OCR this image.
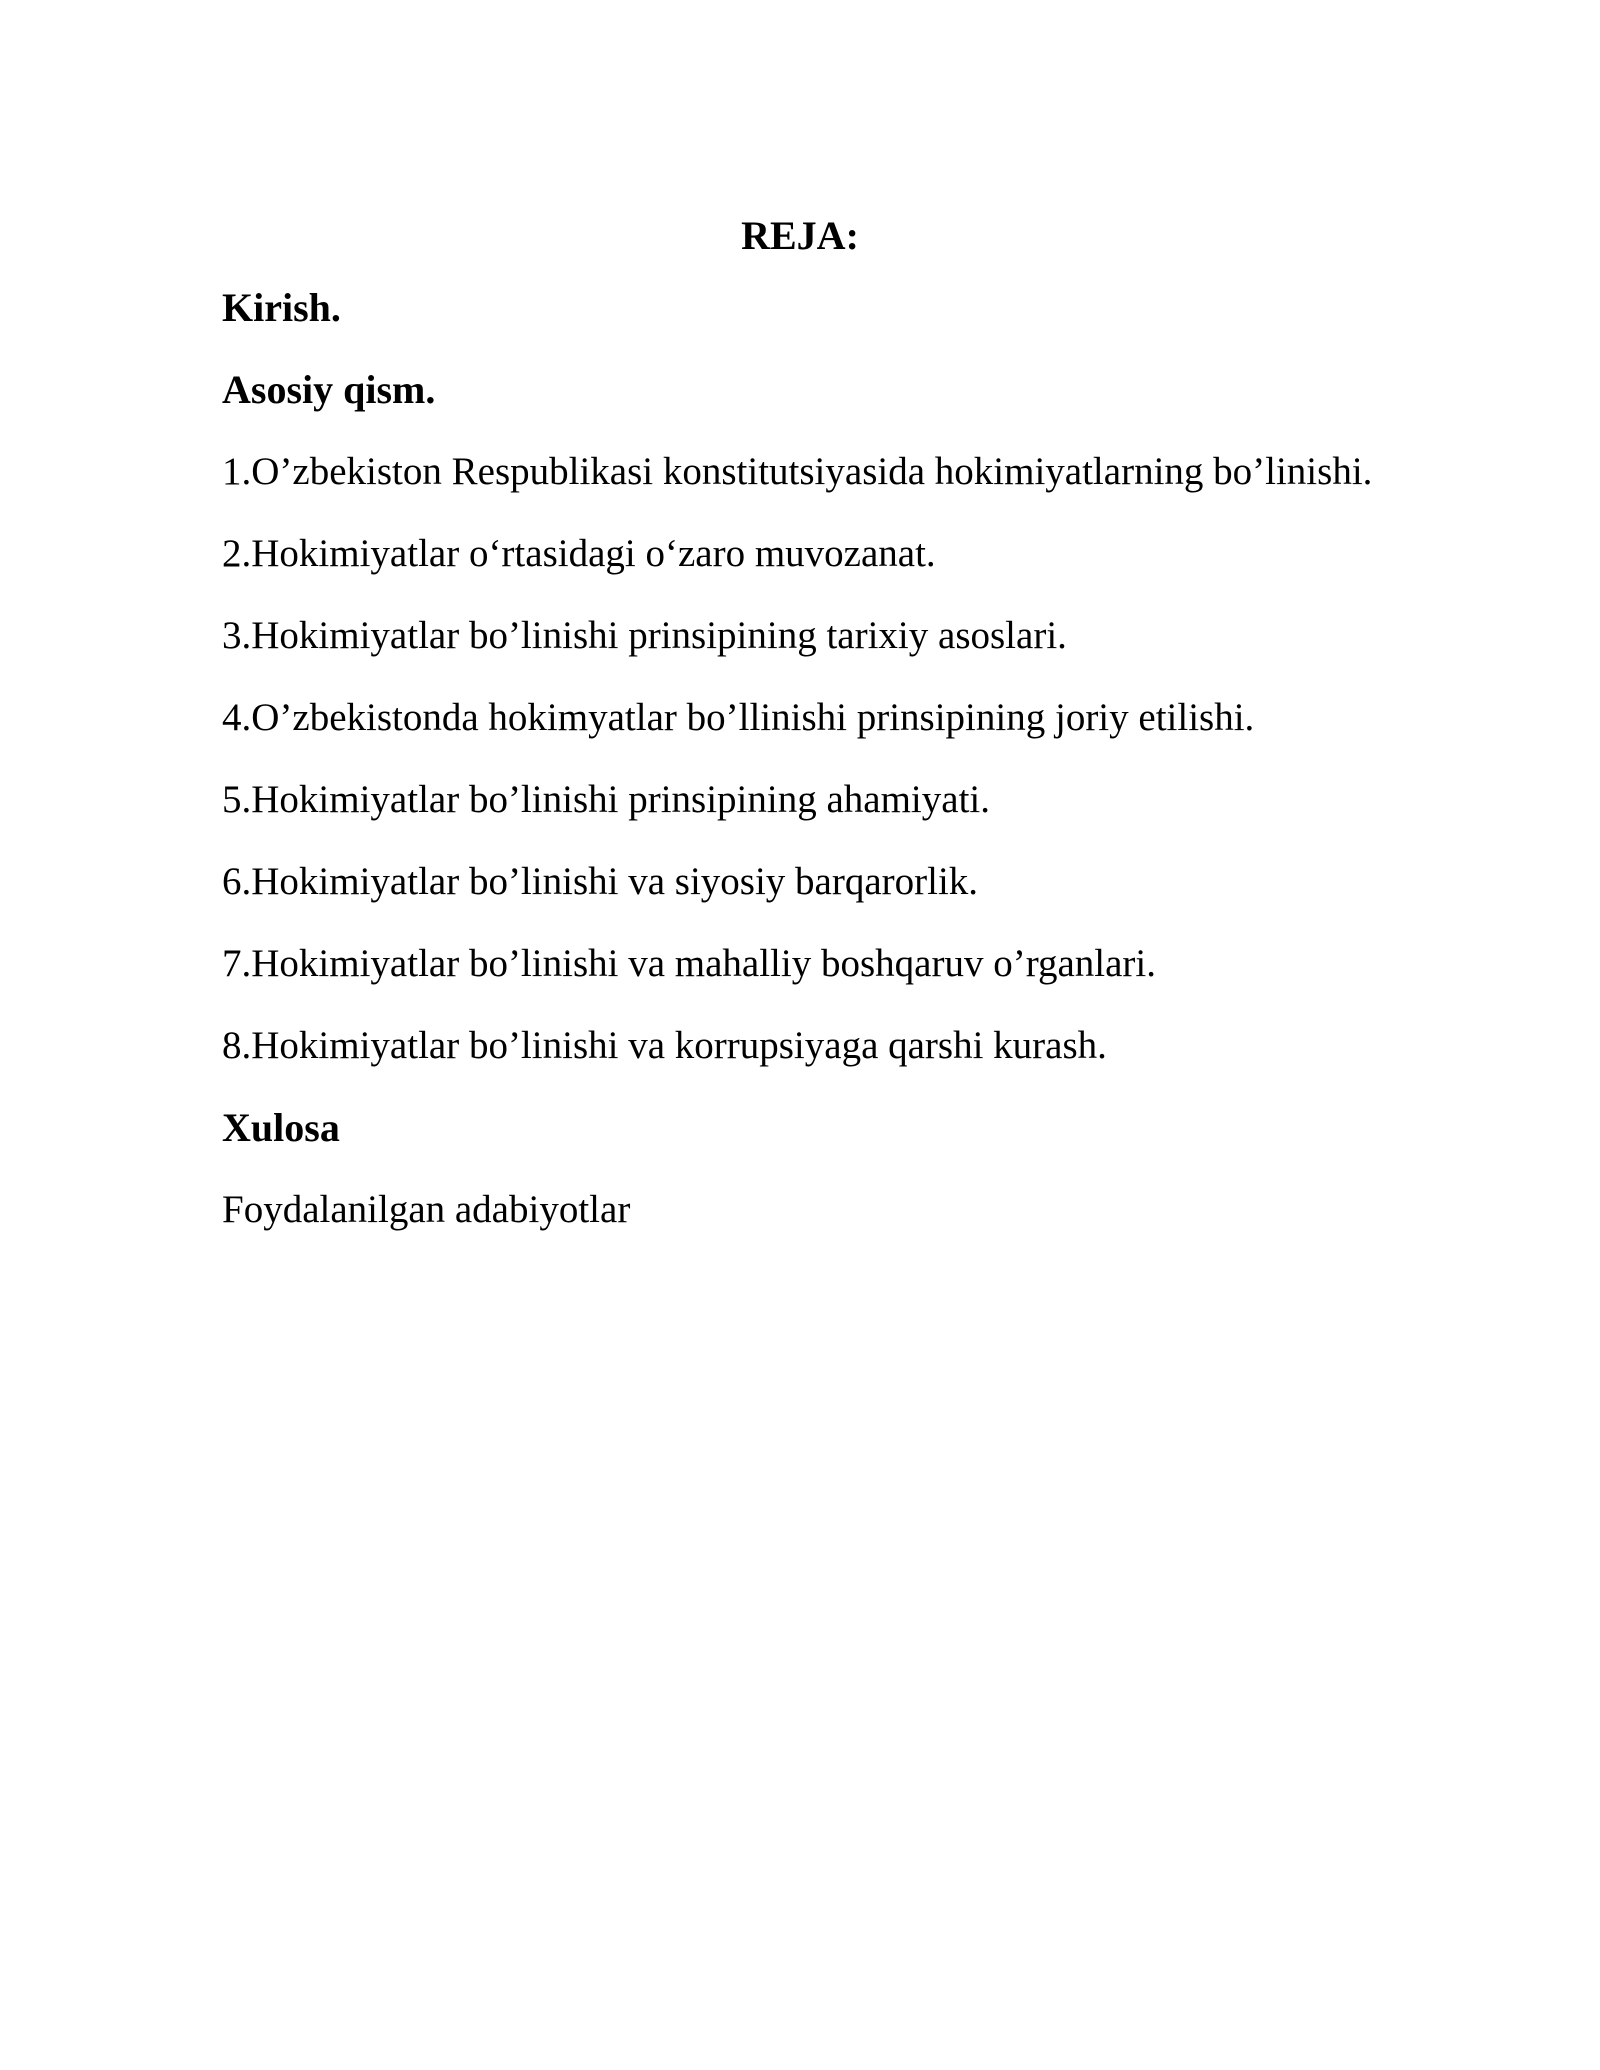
REJA:

Kirish.

Asosiy qism.

1.O’zbekiston Respublikasi konstitutsiyasida hokimiyatlarning bo’linishi.

2.Hokimiyatlar o‘rtasidagi o‘zaro muvozanat.

3.Hokimiyatlar bo’linishi prinsipining tarixiy asoslari.

4.O’zbekistonda hokimyatlar bo’llinishi prinsipining joriy etilishi.

5.Hokimiyatlar bo’linishi prinsipining ahamiyati.

6.Hokimiyatlar bo’linishi va siyosiy barqarorlik.

7.Hokimiyatlar bo’linishi va mahalliy boshqaruv o’rganlari.

8.Hokimiyatlar bo’linishi va korrupsiyaga qarshi kurash.

Xulosa

Foydalanilgan adabiyotlar
